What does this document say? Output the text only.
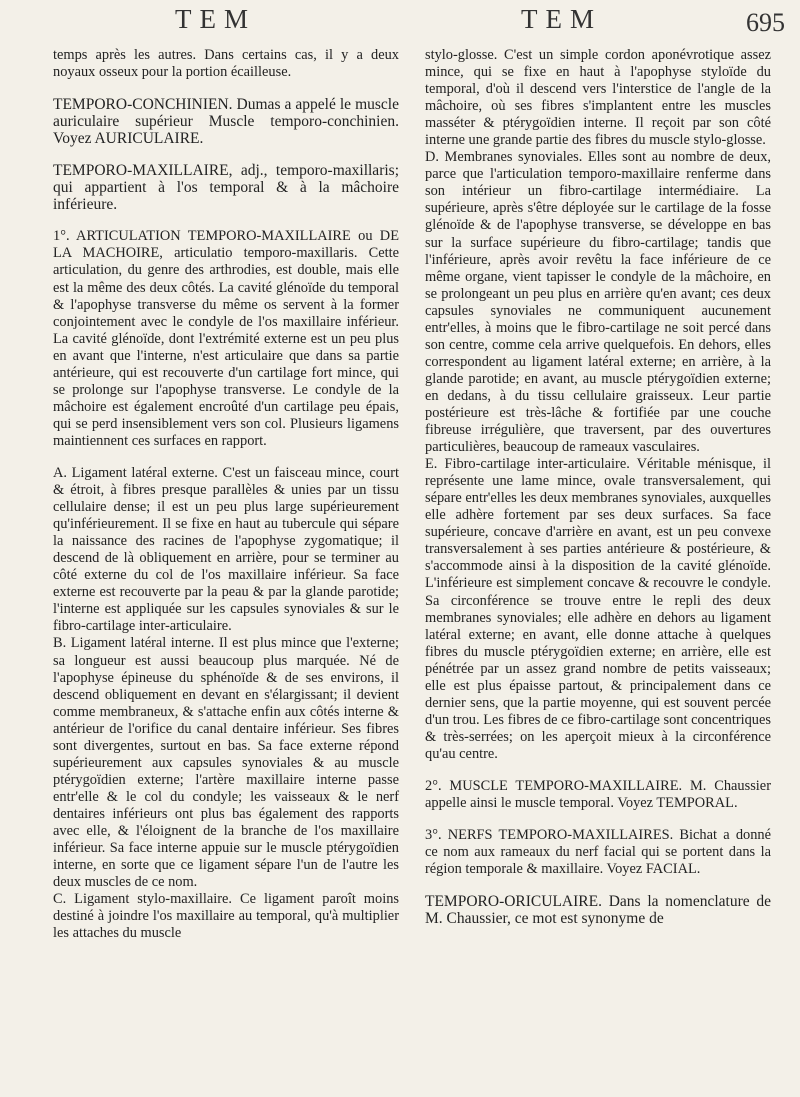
TEM	TEM	695

temps après les autres. Dans certains cas, il y a deux noyaux osseux pour la portion écailleuse.

TEMPORO-CONCHINIEN. Dumas a appelé le muscle auriculaire supérieur Muscle temporo-conchinien. Voyez AURICULAIRE.

TEMPORO-MAXILLAIRE, adj., temporo-maxillaris; qui appartient à l'os temporal & à la mâchoire inférieure.

1°. ARTICULATION TEMPORO-MAXILLAIRE ou DE LA MACHOIRE, articulatio temporo-maxillaris. Cette articulation, du genre des arthrodies, est double, mais elle est la même des deux côtés. La cavité glénoïde du temporal & l'apophyse transverse du même os servent à la former conjointement avec le condyle de l'os maxillaire inférieur. La cavité glénoïde, dont l'extrémité externe est un peu plus en avant que l'interne, n'est articulaire que dans sa partie antérieure, qui est recouverte d'un cartilage fort mince, qui se prolonge sur l'apophyse transverse. Le condyle de la mâchoire est également encroûté d'un cartilage peu épais, qui se perd insensiblement vers son col. Plusieurs ligamens maintiennent ces surfaces en rapport.

A. Ligament latéral externe. C'est un faisceau mince, court & étroit, à fibres presque parallèles & unies par un tissu cellulaire dense; il est un peu plus large supérieurement qu'inférieurement. Il se fixe en haut au tubercule qui sépare la naissance des racines de l'apophyse zygomatique; il descend de là obliquement en arrière, pour se terminer au côté externe du col de l'os maxillaire inférieur. Sa face externe est recouverte par la peau & par la glande parotide; l'interne est appliquée sur les capsules synoviales & sur le fibro-cartilage inter-articulaire.

B. Ligament latéral interne. Il est plus mince que l'externe; sa longueur est aussi beaucoup plus marquée. Né de l'apophyse épineuse du sphénoïde & de ses environs, il descend obliquement en devant en s'élargissant; il devient comme membraneux, & s'attache enfin aux côtés interne & antérieur de l'orifice du canal dentaire inférieur. Ses fibres sont divergentes, surtout en bas. Sa face externe répond supérieurement aux capsules synoviales & au muscle ptérygoïdien externe; l'artère maxillaire interne passe entr'elle & le col du condyle; les vaisseaux & le nerf dentaires inférieurs ont plus bas également des rapports avec elle, & l'éloignent de la branche de l'os maxillaire inférieur. Sa face interne appuie sur le muscle ptérygoïdien interne, en sorte que ce ligament sépare l'un de l'autre les deux muscles de ce nom.

C. Ligament stylo-maxillaire. Ce ligament paroît moins destiné à joindre l'os maxillaire au temporal, qu'à multiplier les attaches du muscle

stylo-glosse. C'est un simple cordon aponévrotique assez mince, qui se fixe en haut à l'apophyse styloïde du temporal, d'où il descend vers l'interstice de l'angle de la mâchoire, où ses fibres s'implantent entre les muscles masséter & ptérygoïdien interne. Il reçoit par son côté interne une grande partie des fibres du muscle stylo-glosse.

D. Membranes synoviales. Elles sont au nombre de deux, parce que l'articulation temporo-maxillaire renferme dans son intérieur un fibro-cartilage intermédiaire. La supérieure, après s'être déployée sur le cartilage de la fosse glénoïde & de l'apophyse transverse, se développe en bas sur la surface supérieure du fibro-cartilage; tandis que l'inférieure, après avoir revêtu la face inférieure de ce même organe, vient tapisser le condyle de la mâchoire, en se prolongeant un peu plus en arrière qu'en avant; ces deux capsules synoviales ne communiquent aucunement entr'elles, à moins que le fibro-cartilage ne soit percé dans son centre, comme cela arrive quelquefois. En dehors, elles correspondent au ligament latéral externe; en arrière, à la glande parotide; en avant, au muscle ptérygoïdien externe; en dedans, à du tissu cellulaire graisseux. Leur partie postérieure est très-lâche & fortifiée par une couche fibreuse irrégulière, que traversent, par des ouvertures particulières, beaucoup de rameaux vasculaires.

E. Fibro-cartilage inter-articulaire. Véritable ménisque, il représente une lame mince, ovale transversalement, qui sépare entr'elles les deux membranes synoviales, auxquelles elle adhère fortement par ses deux surfaces. Sa face supérieure, concave d'arrière en avant, est un peu convexe transversalement à ses parties antérieure & postérieure, & s'accommode ainsi à la disposition de la cavité glénoïde. L'inférieure est simplement concave & recouvre le condyle. Sa circonférence se trouve entre le repli des deux membranes synoviales; elle adhère en dehors au ligament latéral externe; en avant, elle donne attache à quelques fibres du muscle ptérygoïdien externe; en arrière, elle est pénétrée par un assez grand nombre de petits vaisseaux; elle est plus épaisse partout, & principalement dans ce dernier sens, que la partie moyenne, qui est souvent percée d'un trou. Les fibres de ce fibro-cartilage sont concentriques & très-serrées; on les aperçoit mieux à la circonférence qu'au centre.

2°. MUSCLE TEMPORO-MAXILLAIRE. M. Chaussier appelle ainsi le muscle temporal. Voyez TEMPORAL.

3°. NERFS TEMPORO-MAXILLAIRES. Bichat a donné ce nom aux rameaux du nerf facial qui se portent dans la région temporale & maxillaire. Voyez FACIAL.

TEMPORO-ORICULAIRE. Dans la nomenclature de M. Chaussier, ce mot est synonyme de
